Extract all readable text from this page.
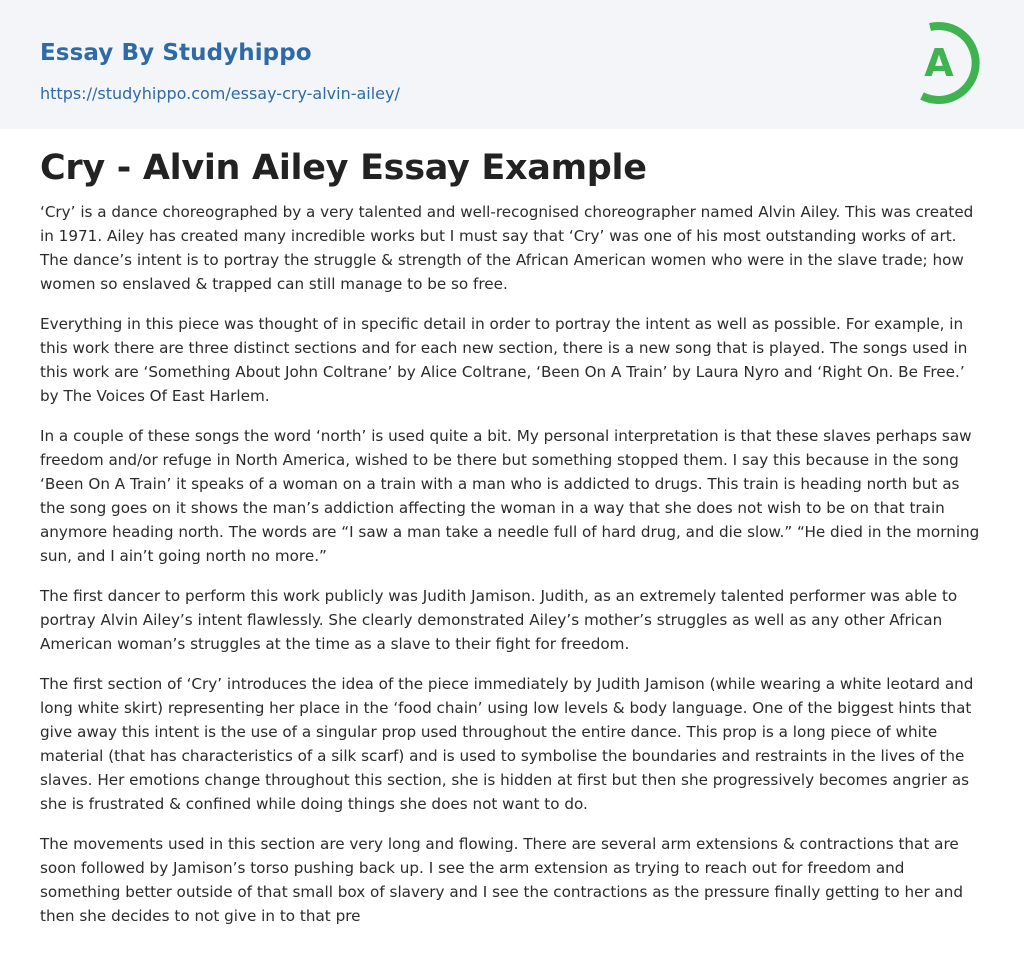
Essay By Studyhippo
https://studyhippo.com/essay-cry-alvin-ailey/
A
Cry - Alvin Ailey Essay Example

‘Cry’ is a dance choreographed by a very talented and well-recognised choreographer named Alvin Ailey. This was created in 1971. Ailey has created many incredible works but I must say that ‘Cry’ was one of his most outstanding works of art. The dance’s intent is to portray the struggle & strength of the African American women who were in the slave trade; how women so enslaved & trapped can still manage to be so free.

Everything in this piece was thought of in specific detail in order to portray the intent as well as possible. For example, in this work there are three distinct sections and for each new section, there is a new song that is played. The songs used in this work are ‘Something About John Coltrane’ by Alice Coltrane, ‘Been On A Train’ by Laura Nyro and ‘Right On. Be Free.’ by The Voices Of East Harlem.

In a couple of these songs the word ‘north’ is used quite a bit. My personal interpretation is that these slaves perhaps saw freedom and/or refuge in North America, wished to be there but something stopped them. I say this because in the song ‘Been On A Train’ it speaks of a woman on a train with a man who is addicted to drugs. This train is heading north but as the song goes on it shows the man’s addiction affecting the woman in a way that she does not wish to be on that train anymore heading north. The words are “I saw a man take a needle full of hard drug, and die slow.” “He died in the morning sun, and I ain’t going north no more.”

The first dancer to perform this work publicly was Judith Jamison. Judith, as an extremely talented performer was able to portray Alvin Ailey’s intent flawlessly. She clearly demonstrated Ailey’s mother’s struggles as well as any other African American woman’s struggles at the time as a slave to their fight for freedom.

The first section of ‘Cry’ introduces the idea of the piece immediately by Judith Jamison (while wearing a white leotard and long white skirt) representing her place in the ‘food chain’ using low levels & body language. One of the biggest hints that give away this intent is the use of a singular prop used throughout the entire dance. This prop is a long piece of white material (that has characteristics of a silk scarf) and is used to symbolise the boundaries and restraints in the lives of the slaves. Her emotions change throughout this section, she is hidden at first but then she progressively becomes angrier as she is frustrated & confined while doing things she does not want to do.

The movements used in this section are very long and flowing. There are several arm extensions & contractions that are soon followed by Jamison’s torso pushing back up. I see the arm extension as trying to reach out for freedom and something better outside of that small box of slavery and I see the contractions as the pressure finally getting to her and then she decides to not give in to that pre
